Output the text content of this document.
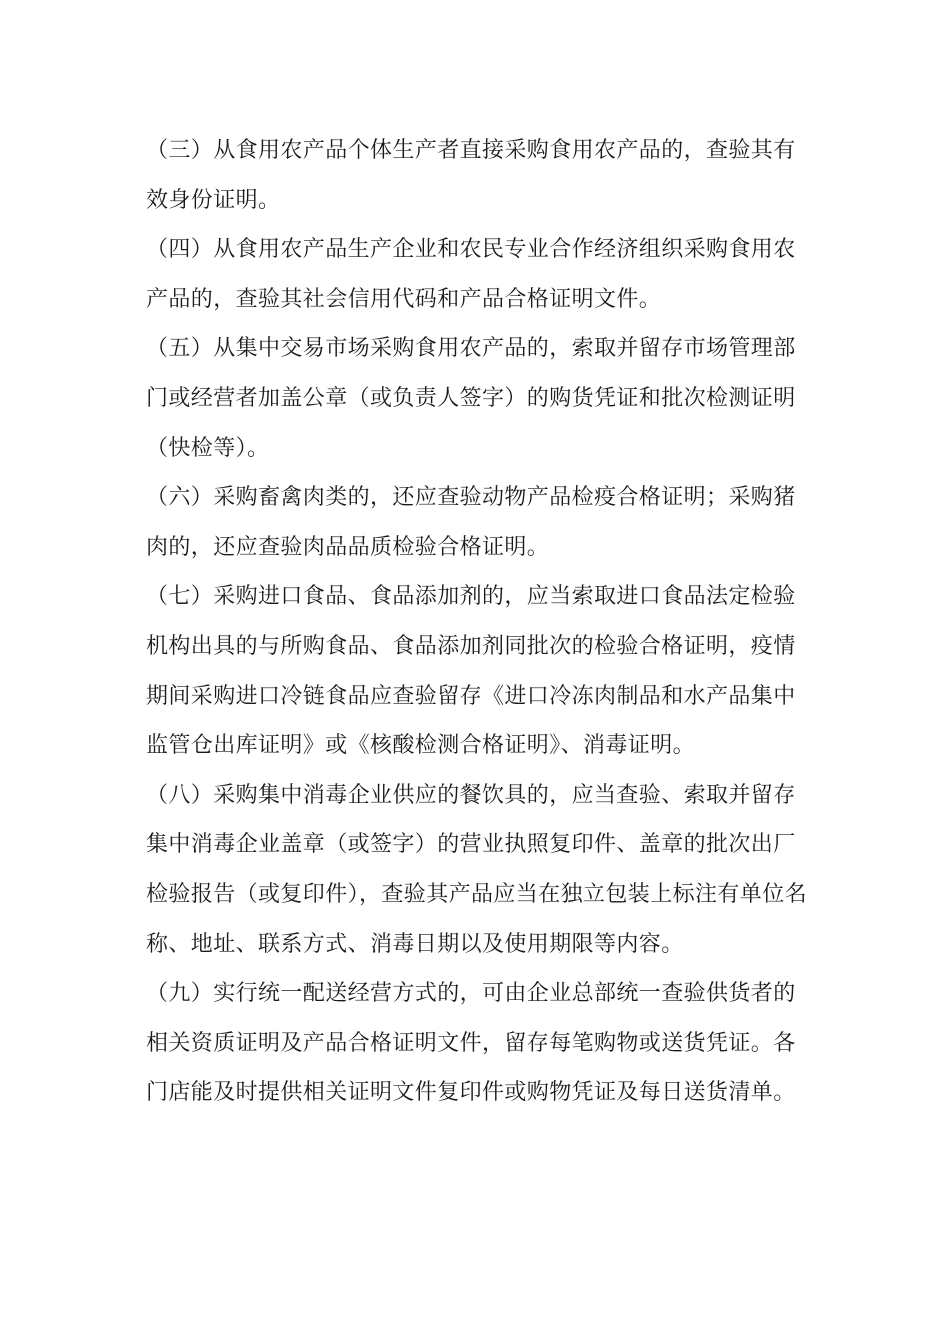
（三）从食用农产品个体生产者直接采购食用农产品的，查验其有效身份证明。

（四）从食用农产品生产企业和农民专业合作经济组织采购食用农产品的，查验其社会信用代码和产品合格证明文件。

（五）从集中交易市场采购食用农产品的，索取并留存市场管理部门或经营者加盖公章（或负责人签字）的购货凭证和批次检测证明（快检等）。

（六）采购畜禽肉类的，还应查验动物产品检疫合格证明；采购猪肉的，还应查验肉品品质检验合格证明。

（七）采购进口食品、食品添加剂的，应当索取进口食品法定检验机构出具的与所购食品、食品添加剂同批次的检验合格证明，疫情期间采购进口冷链食品应查验留存《进口冷冻肉制品和水产品集中监管仓出库证明》或《核酸检测合格证明》、消毒证明。

（八）采购集中消毒企业供应的餐饮具的，应当查验、索取并留存集中消毒企业盖章（或签字）的营业执照复印件、盖章的批次出厂检验报告（或复印件），查验其产品应当在独立包装上标注有单位名称、地址、联系方式、消毒日期以及使用期限等内容。

（九）实行统一配送经营方式的，可由企业总部统一查验供货者的相关资质证明及产品合格证明文件，留存每笔购物或送货凭证。各门店能及时提供相关证明文件复印件或购物凭证及每日送货清单。
